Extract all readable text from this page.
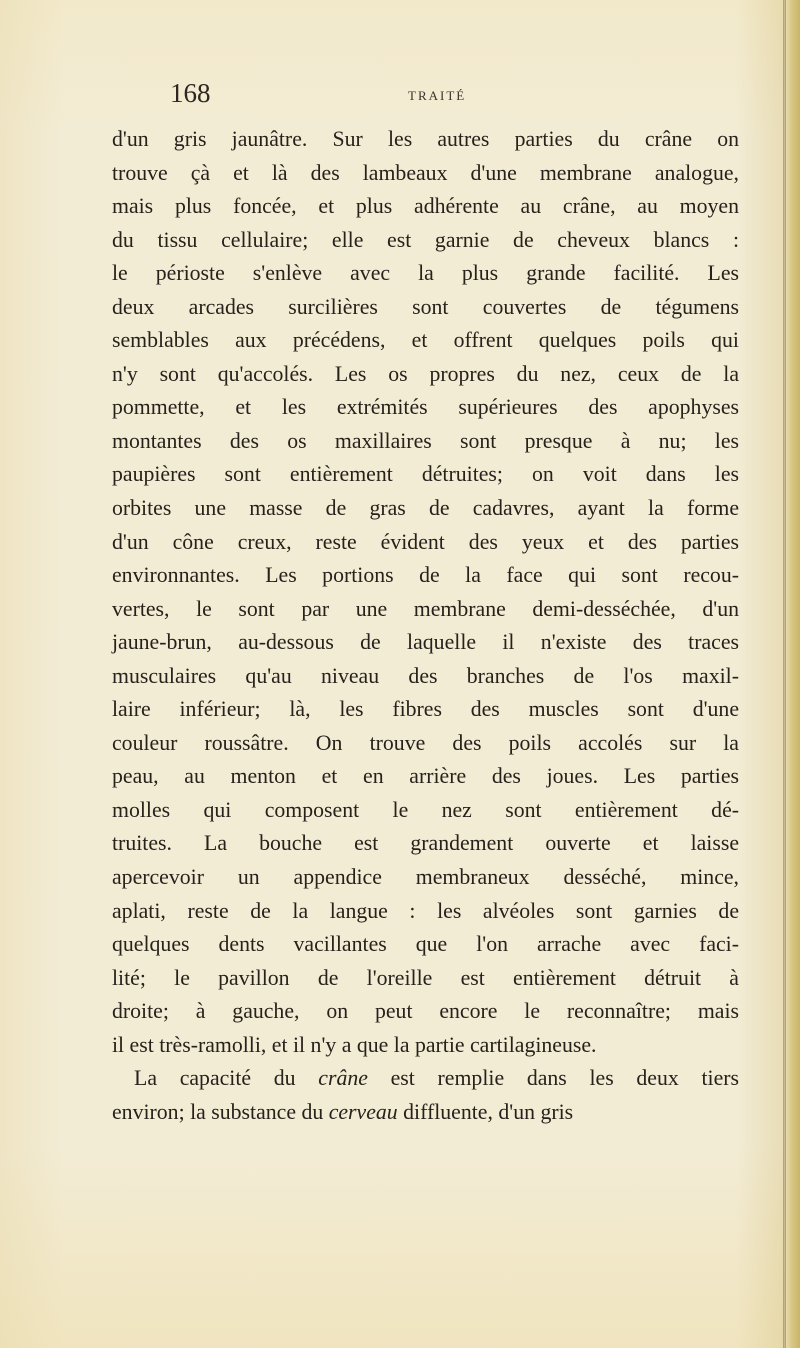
168	TRAITÉ
d'un gris jaunâtre. Sur les autres parties du crâne on
trouve çà et là des lambeaux d'une membrane analogue,
mais plus foncée, et plus adhérente au crâne, au moyen
du tissu cellulaire; elle est garnie de cheveux blancs :
le périoste s'enlève avec la plus grande facilité. Les
deux arcades surcilières sont couvertes de tégumens
semblables aux précédens, et offrent quelques poils qui
n'y sont qu'accolés. Les os propres du nez, ceux de la
pommette, et les extrémités supérieures des apophyses
montantes des os maxillaires sont presque à nu; les
paupières sont entièrement détruites; on voit dans les
orbites une masse de gras de cadavres, ayant la forme
d'un cône creux, reste évident des yeux et des parties
environnantes. Les portions de la face qui sont recou-
vertes, le sont par une membrane demi-desséchée, d'un
jaune-brun, au-dessous de laquelle il n'existe des traces
musculaires qu'au niveau des branches de l'os maxil-
laire inférieur; là, les fibres des muscles sont d'une
couleur roussâtre. On trouve des poils accolés sur la
peau, au menton et en arrière des joues. Les parties
molles qui composent le nez sont entièrement dé-
truites. La bouche est grandement ouverte et laisse
apercevoir un appendice membraneux desséché, mince,
aplati, reste de la langue : les alvéoles sont garnies de
quelques dents vacillantes que l'on arrache avec faci-
lité; le pavillon de l'oreille est entièrement détruit à
droite; à gauche, on peut encore le reconnaître; mais
il est très-ramolli, et il n'y a que la partie cartilagineuse.
La capacité du crâne est remplie dans les deux tiers
environ; la substance du cerveau diffluente, d'un gris
